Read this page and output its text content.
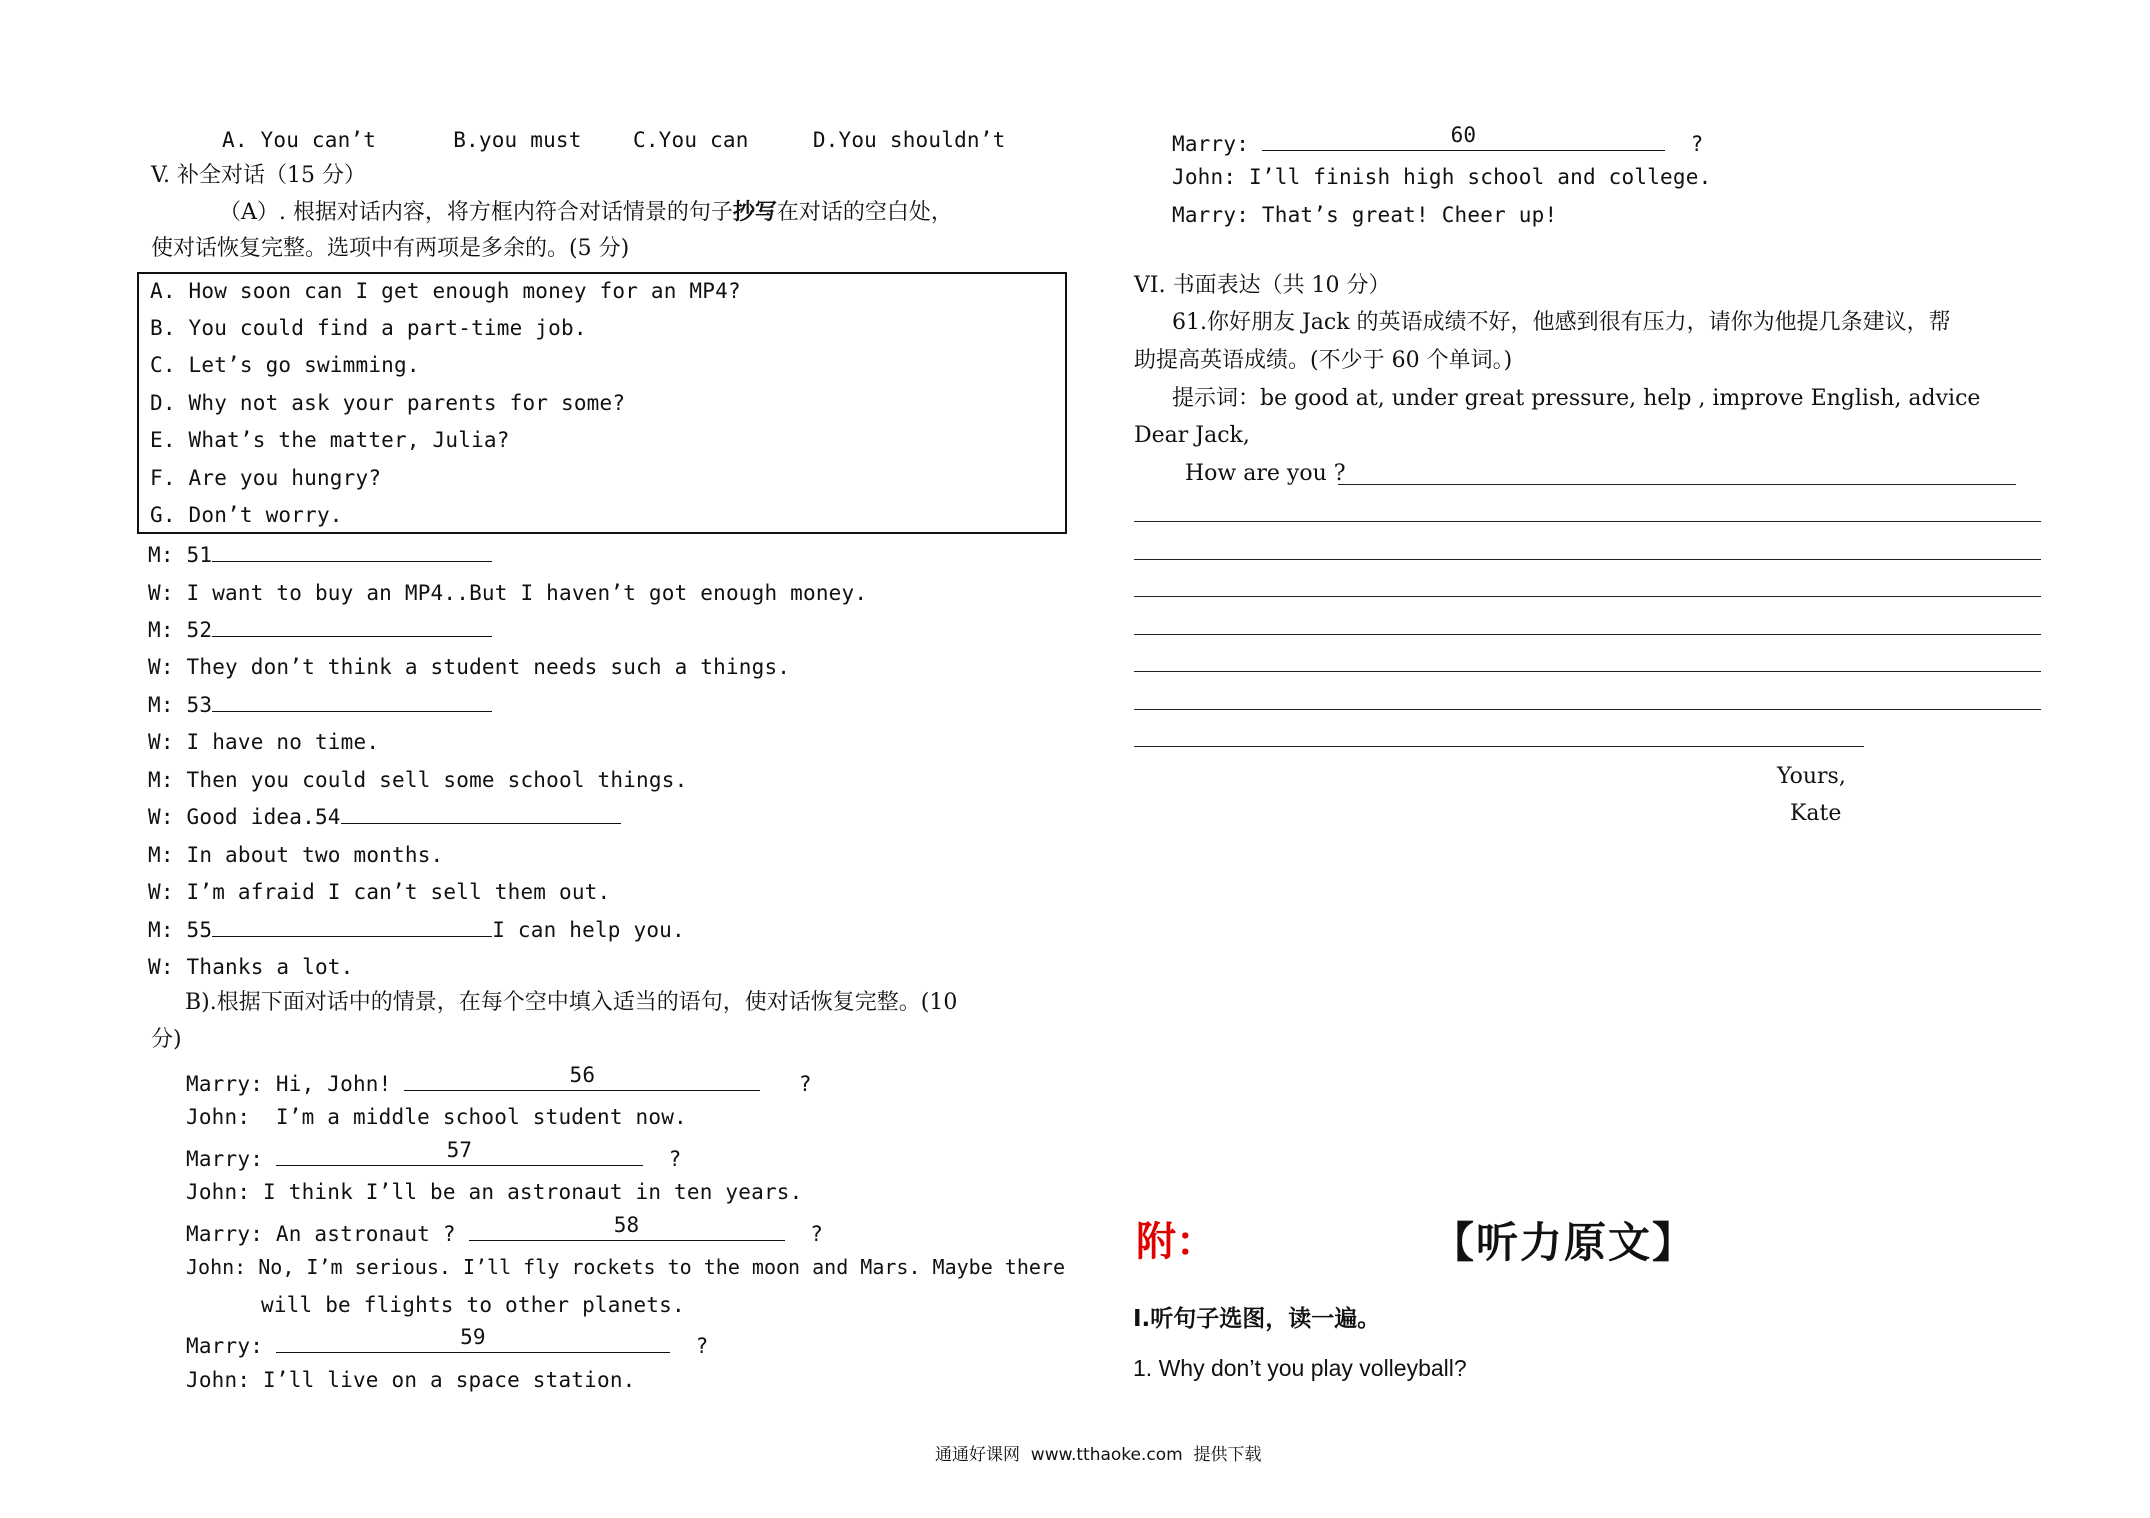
A. You can’t	B.you must C.You can	D.You shouldn’t
V. 补全对话（15 分）
（A）. 根据对话内容，将方框内符合对话情景的句子抄写在对话的空白处，
使对话恢复完整。选项中有两项是多余的。(5 分)
A. How soon can I get enough money for an MP4?
B. You could find a part-time job.
C. Let’s go swimming.
D. Why not ask your parents for some?
E. What’s the matter, Julia?
F. Are you hungry?
G. Don’t worry.
M: 51
W: I want to buy an MP4..But I haven’t got enough money.
M: 52
W: They don’t think a student needs such a things.
M: 53
W: I have no time.
M: Then you could sell some school things.
W: Good idea.54
M: In about two months.
W: I’m afraid I can’t sell them out.
M: 55	I can help you.
W: Thanks a lot.
B).根据下面对话中的情景，在每个空中填入适当的语句，使对话恢复完整。(10
分)
Marry: Hi, John!	56	?
John:  I’m a middle school student now.
Marry:	57	?
John: I think I’ll be an astronaut in ten years.
Marry: An astronaut ?	58	?
John: No, I’m serious. I’ll fly rockets to the moon and Mars. Maybe there
will be flights to other planets.
Marry:	59	?
John: I’ll live on a space station.
Marry:	60	?
John: I’ll finish high school and college.
Marry: That’s great! Cheer up!
VI. 书面表达（共 10 分）
61.你好朋友 Jack 的英语成绩不好，他感到很有压力，请你为他提几条建议，帮
助提高英语成绩。(不少于 60 个单词。)
提示词：be good at, under great pressure, help , improve English, advice
Dear Jack,
How are you ?
Yours,
Kate
附：	【听力原文】
I.听句子选图，读一遍。
1. Why don’t you play volleyball?
通通好课网  www.tthaoke.com  提供下载
